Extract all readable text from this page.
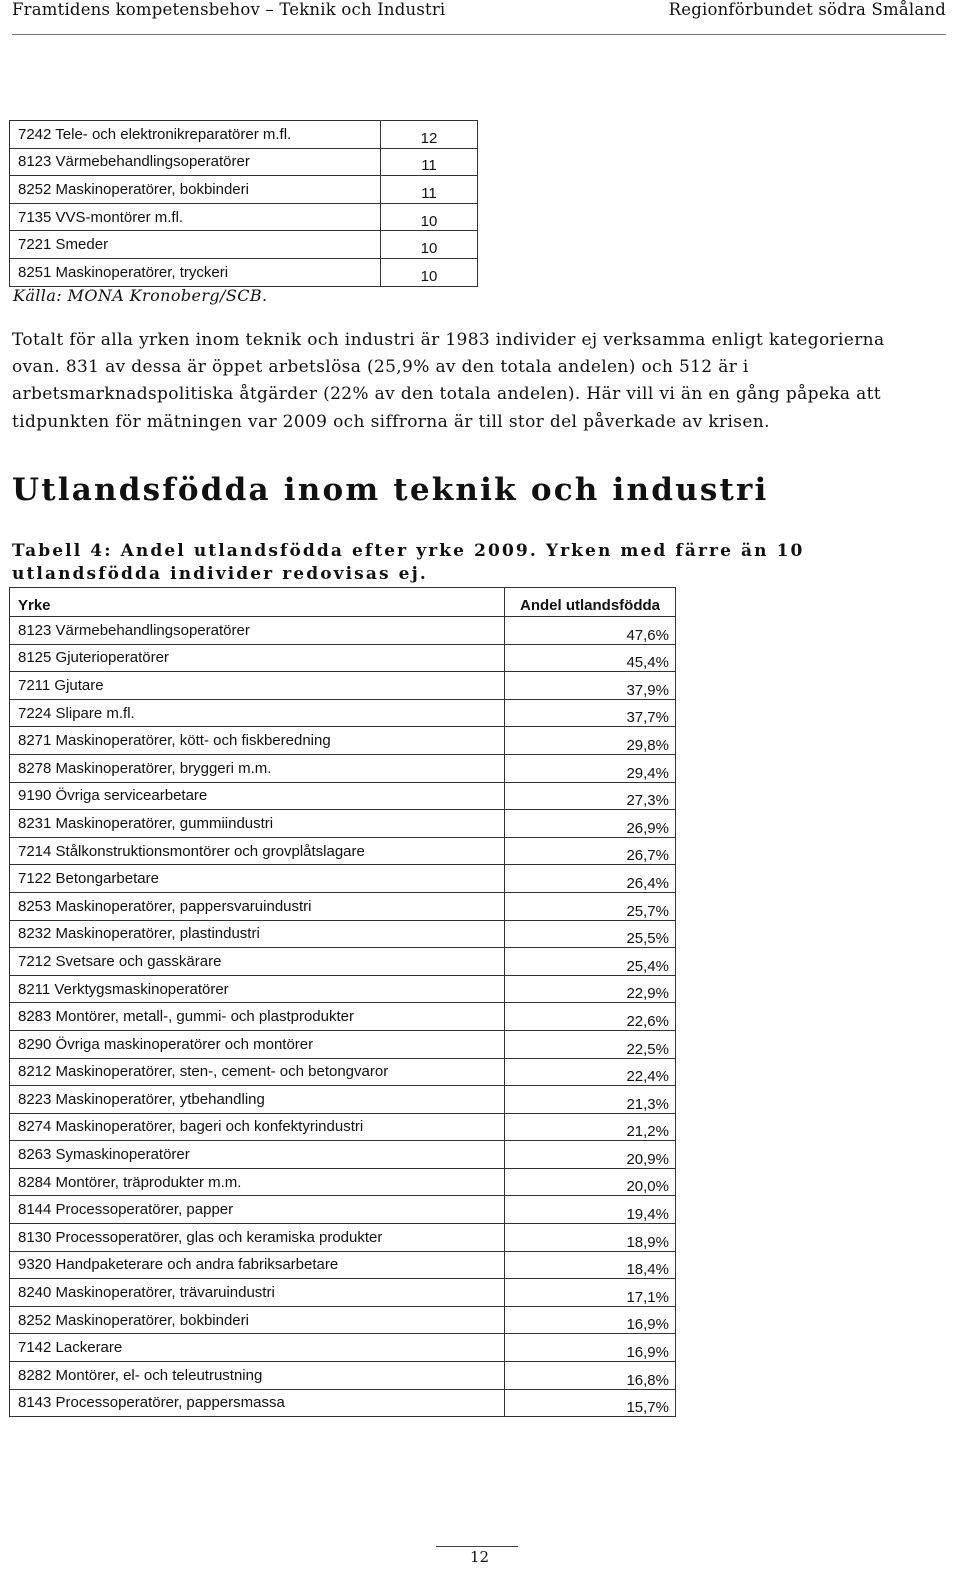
Framtidens kompetensbehov – Teknik och Industri	Regionförbundet södra Småland
7242 Tele- och elektronikreparatörer m.fl.	12
8123 Värmebehandlingsoperatörer	11
8252 Maskinoperatörer, bokbinderi	11
7135 VVS-montörer m.fl.	10
7221 Smeder	10
8251 Maskinoperatörer, tryckeri	10
Källa: MONA Kronoberg/SCB.

Totalt för alla yrken inom teknik och industri är 1983 individer ej verksamma enligt kategorierna ovan. 831 av dessa är öppet arbetslösa (25,9% av den totala andelen) och 512 är i arbetsmarknadspolitiska åtgärder (22% av den totala andelen). Här vill vi än en gång påpeka att tidpunkten för mätningen var 2009 och siffrorna är till stor del påverkade av krisen.

Utlandsfödda inom teknik och industri

Tabell 4: Andel utlandsfödda efter yrke 2009. Yrken med färre än 10 utlandsfödda individer redovisas ej.

Yrke	Andel utlandsfödda
8123 Värmebehandlingsoperatörer	47,6%
8125 Gjuterioperatörer	45,4%
7211 Gjutare	37,9%
7224 Slipare m.fl.	37,7%
8271 Maskinoperatörer, kött- och fiskberedning	29,8%
8278 Maskinoperatörer, bryggeri m.m.	29,4%
9190 Övriga servicearbetare	27,3%
8231 Maskinoperatörer, gummiindustri	26,9%
7214 Stålkonstruktionsmontörer och grovplåtslagare	26,7%
7122 Betongarbetare	26,4%
8253 Maskinoperatörer, pappersvaruindustri	25,7%
8232 Maskinoperatörer, plastindustri	25,5%
7212 Svetsare och gasskärare	25,4%
8211 Verktygsmaskinoperatörer	22,9%
8283 Montörer, metall-, gummi- och plastprodukter	22,6%
8290 Övriga maskinoperatörer och montörer	22,5%
8212 Maskinoperatörer, sten-, cement- och betongvaror	22,4%
8223 Maskinoperatörer, ytbehandling	21,3%
8274 Maskinoperatörer, bageri och konfektyrindustri	21,2%
8263 Symaskinoperatörer	20,9%
8284 Montörer, träprodukter m.m.	20,0%
8144 Processoperatörer, papper	19,4%
8130 Processoperatörer, glas och keramiska produkter	18,9%
9320 Handpaketerare och andra fabriksarbetare	18,4%
8240 Maskinoperatörer, trävaruindustri	17,1%
8252 Maskinoperatörer, bokbinderi	16,9%
7142 Lackerare	16,9%
8282 Montörer, el- och teleutrustning	16,8%
8143 Processoperatörer, pappersmassa	15,7%
12
